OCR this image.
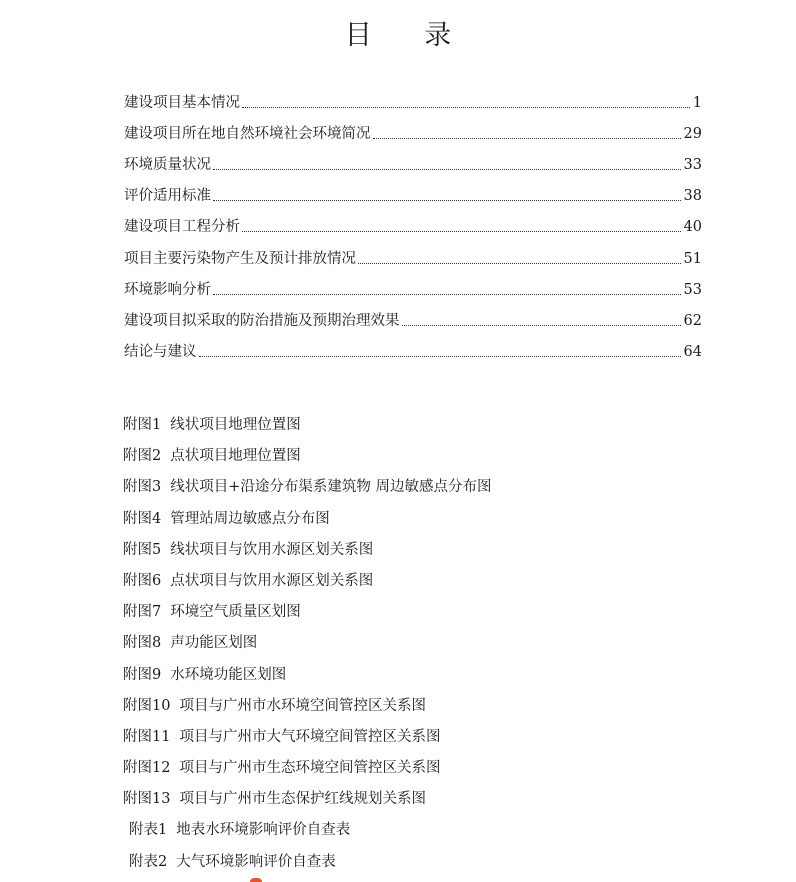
目 录
建设项目基本情况	1
建设项目所在地自然环境社会环境简况	29
环境质量状况	33
评价适用标准	38
建设项目工程分析	40
项目主要污染物产生及预计排放情况	51
环境影响分析	53
建设项目拟采取的防治措施及预期治理效果	62
结论与建议	64
附图1 线状项目地理位置图
附图2 点状项目地理位置图
附图3 线状项目+沿途分布渠系建筑物 周边敏感点分布图
附图4 管理站周边敏感点分布图
附图5 线状项目与饮用水源区划关系图
附图6 点状项目与饮用水源区划关系图
附图7 环境空气质量区划图
附图8 声功能区划图
附图9 水环境功能区划图
附图10 项目与广州市水环境空间管控区关系图
附图11 项目与广州市大气环境空间管控区关系图
附图12 项目与广州市生态环境空间管控区关系图
附图13 项目与广州市生态保护红线规划关系图
附表1 地表水环境影响评价自查表
附表2 大气环境影响评价自查表
